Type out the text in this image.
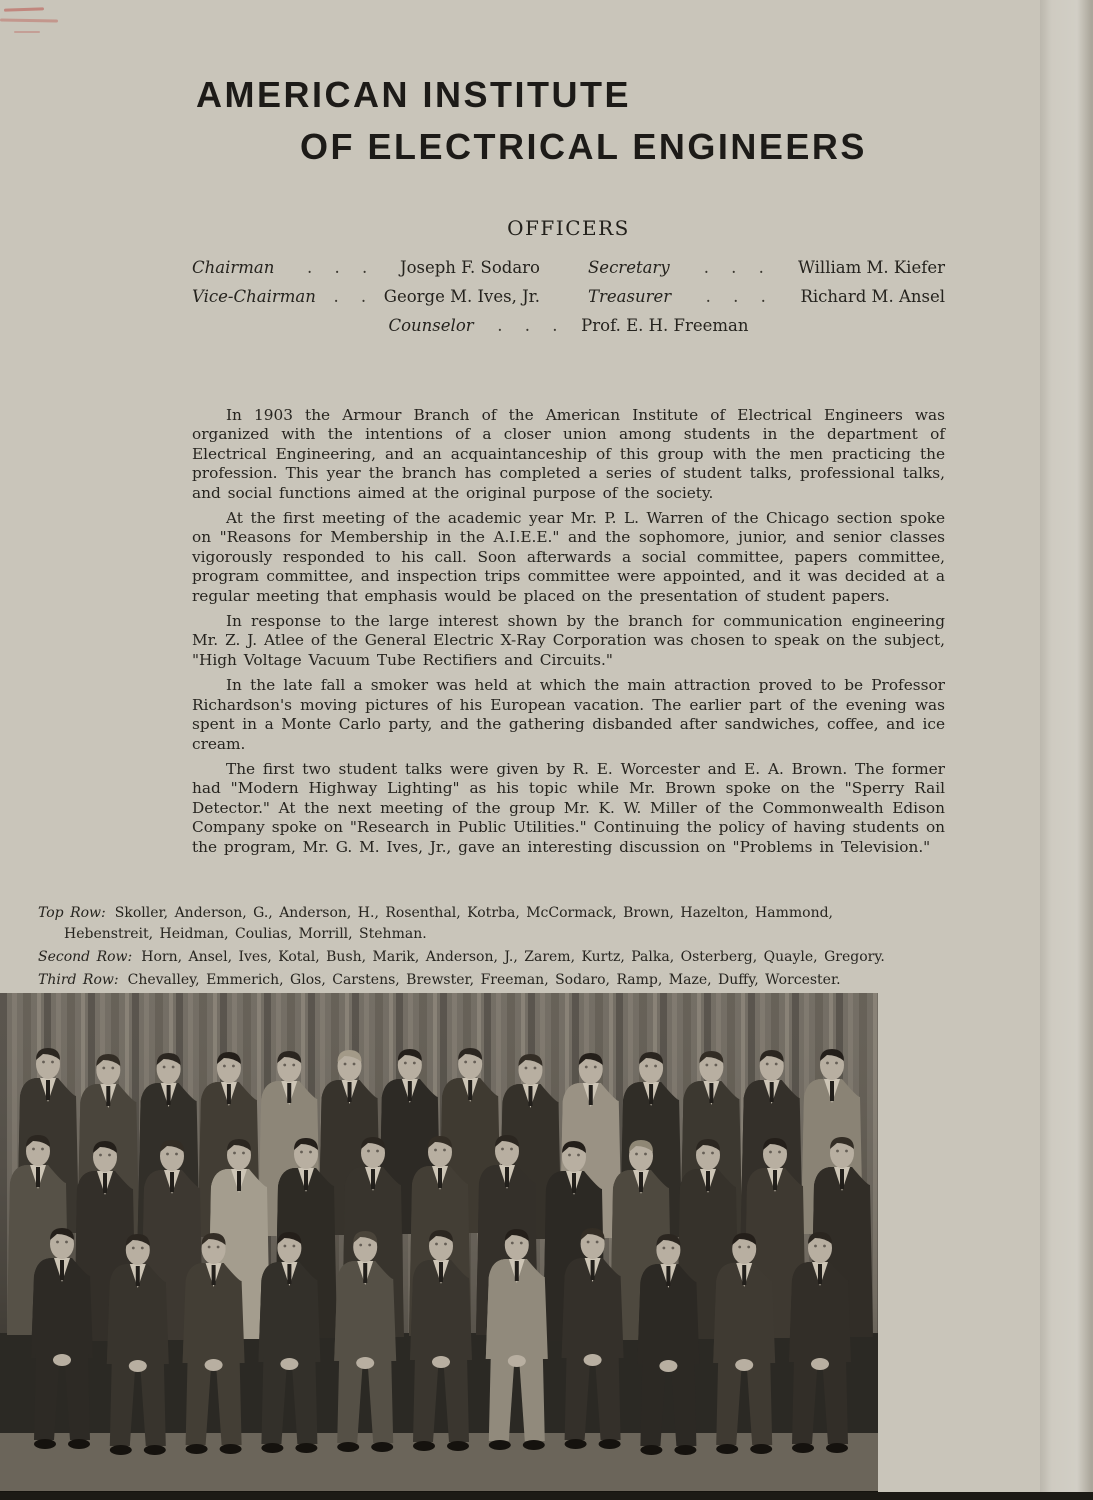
AMERICAN INSTITUTE
OF ELECTRICAL ENGINEERS
OFFICERS
Chairman	. . .	Joseph F. Sodaro	Secretary	. . .	William M. Kiefer
Vice-Chairman	. .	George M. Ives, Jr.	Treasurer	. . .	Richard M. Ansel
Counselor	. . .	Prof. E. H. Freeman

In 1903 the Armour Branch of the American Institute of Electrical Engineers was organized with the intentions of a closer union among students in the department of Electrical Engineering, and an acquaintanceship of this group with the men practicing the profession. This year the branch has completed a series of student talks, professional talks, and social functions aimed at the original purpose of the society.

At the first meeting of the academic year Mr. P. L. Warren of the Chicago section spoke on "Reasons for Membership in the A.I.E.E." and the sophomore, junior, and senior classes vigorously responded to his call. Soon afterwards a social committee, papers committee, program committee, and inspection trips committee were appointed, and it was decided at a regular meeting that emphasis would be placed on the presentation of student papers.

In response to the large interest shown by the branch for communication engineering Mr. Z. J. Atlee of the General Electric X-Ray Corporation was chosen to speak on the subject, "High Voltage Vacuum Tube Rectifiers and Circuits."

In the late fall a smoker was held at which the main attraction proved to be Professor Richardson's moving pictures of his European vacation. The earlier part of the evening was spent in a Monte Carlo party, and the gathering disbanded after sandwiches, coffee, and ice cream.

The first two student talks were given by R. E. Worcester and E. A. Brown. The former had "Modern Highway Lighting" as his topic while Mr. Brown spoke on the "Sperry Rail Detector." At the next meeting of the group Mr. K. W. Miller of the Commonwealth Edison Company spoke on "Research in Public Utilities." Continuing the policy of having students on the program, Mr. G. M. Ives, Jr., gave an interesting discussion on "Problems in Television."

Top Row: Skoller, Anderson, G., Anderson, H., Rosenthal, Kotrba, McCormack, Brown, Hazelton, Hammond, Hebenstreit, Heidman, Coulias, Morrill, Stehman.

Second Row: Horn, Ansel, Ives, Kotal, Bush, Marik, Anderson, J., Zarem, Kurtz, Palka, Osterberg, Quayle, Gregory.

Third Row: Chevalley, Emmerich, Glos, Carstens, Brewster, Freeman, Sodaro, Ramp, Maze, Duffy, Worcester.
